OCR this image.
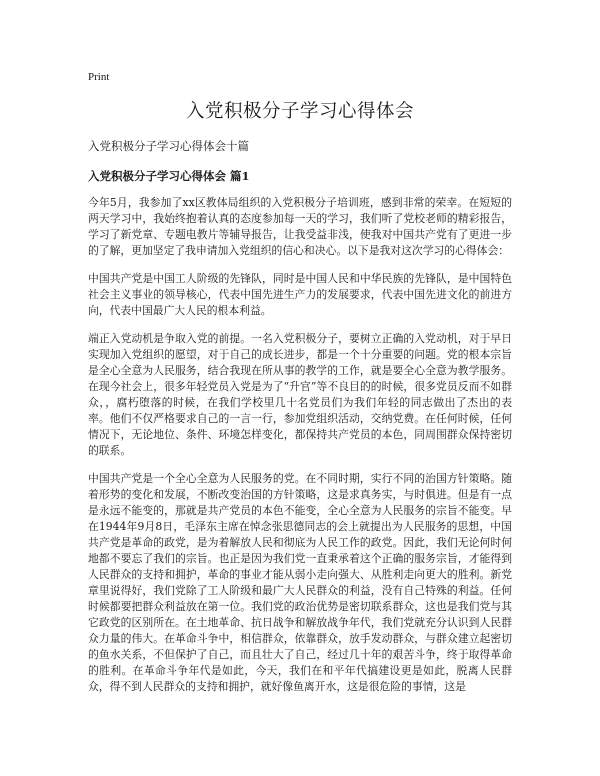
Print

入党积极分子学习心得体会

入党积极分子学习心得体会十篇

入党积极分子学习心得体会 篇1

今年5月，我参加了xx区教体局组织的入党积极分子培训班，感到非常的荣幸。在短短的两天学习中，我始终抱着认真的态度参加每一天的学习，我们听了党校老师的精彩报告，学习了新党章、专题电教片等辅导报告，让我受益非浅，使我对中国共产党有了更进一步的了解，更加坚定了我申请加入党组织的信心和决心。以下是我对这次学习的心得体会：

中国共产党是中国工人阶级的先锋队，同时是中国人民和中华民族的先锋队，是中国特色社会主义事业的领导核心，代表中国先进生产力的发展要求，代表中国先进文化的前进方向，代表中国最广大人民的根本利益。

端正入党动机是争取入党的前提。一名入党积极分子，要树立正确的入党动机，对于早日实现加入党组织的愿望，对于自己的成长进步，都是一个十分重要的问题。党的根本宗旨是全心全意为人民服务，结合我现在所从事的教学的工作，就是要全心全意为教学服务。在现今社会上，很多年轻党员入党是为了“升官”等不良目的的时候，很多党员反而不如群众，，腐朽堕落的时候，在我们学校里几十名党员们为我们年轻的同志做出了杰出的表率。他们不仅严格要求自己的一言一行，参加党组织活动，交纳党费。在任何时候，任何情况下，无论地位、条件、环境怎样变化，都保持共产党员的本色，同周围群众保持密切的联系。

中国共产党是一个全心全意为人民服务的党。在不同时期，实行不同的治国方针策略。随着形势的变化和发展，不断改变治国的方针策略，这是求真务实，与时俱进。但是有一点是永远不能变的，那就是共产党员的本色不能变，全心全意为人民服务的宗旨不能变。早在1944年9月8日，毛泽东主席在悼念张思德同志的会上就提出为人民服务的思想，中国共产党是革命的政党，是为着解放人民和彻底为人民工作的政党。因此，我们无论何时何地都不要忘了我们的宗旨。也正是因为我们党一直秉承着这个正确的服务宗旨，才能得到人民群众的支持和拥护，革命的事业才能从弱小走向强大、从胜利走向更大的胜利。新党章里说得好，我们党除了工人阶级和最广大人民群众的利益，没有自己特殊的利益。任何时候都要把群众利益放在第一位。我们党的政治优势是密切联系群众，这也是我们党与其它政党的区别所在。在土地革命、抗日战争和解放战争年代，我们党就充分认识到人民群众力量的伟大。在革命斗争中，相信群众，依靠群众，放手发动群众，与群众建立起密切的鱼水关系，不但保护了自己，而且壮大了自己，经过几十年的艰苦斗争，终于取得革命的胜利。在革命斗争年代是如此，今天，我们在和平年代搞建设更是如此，脱离人民群众，得不到人民群众的支持和拥护，就好像鱼离开水，这是很危险的事情，这是
